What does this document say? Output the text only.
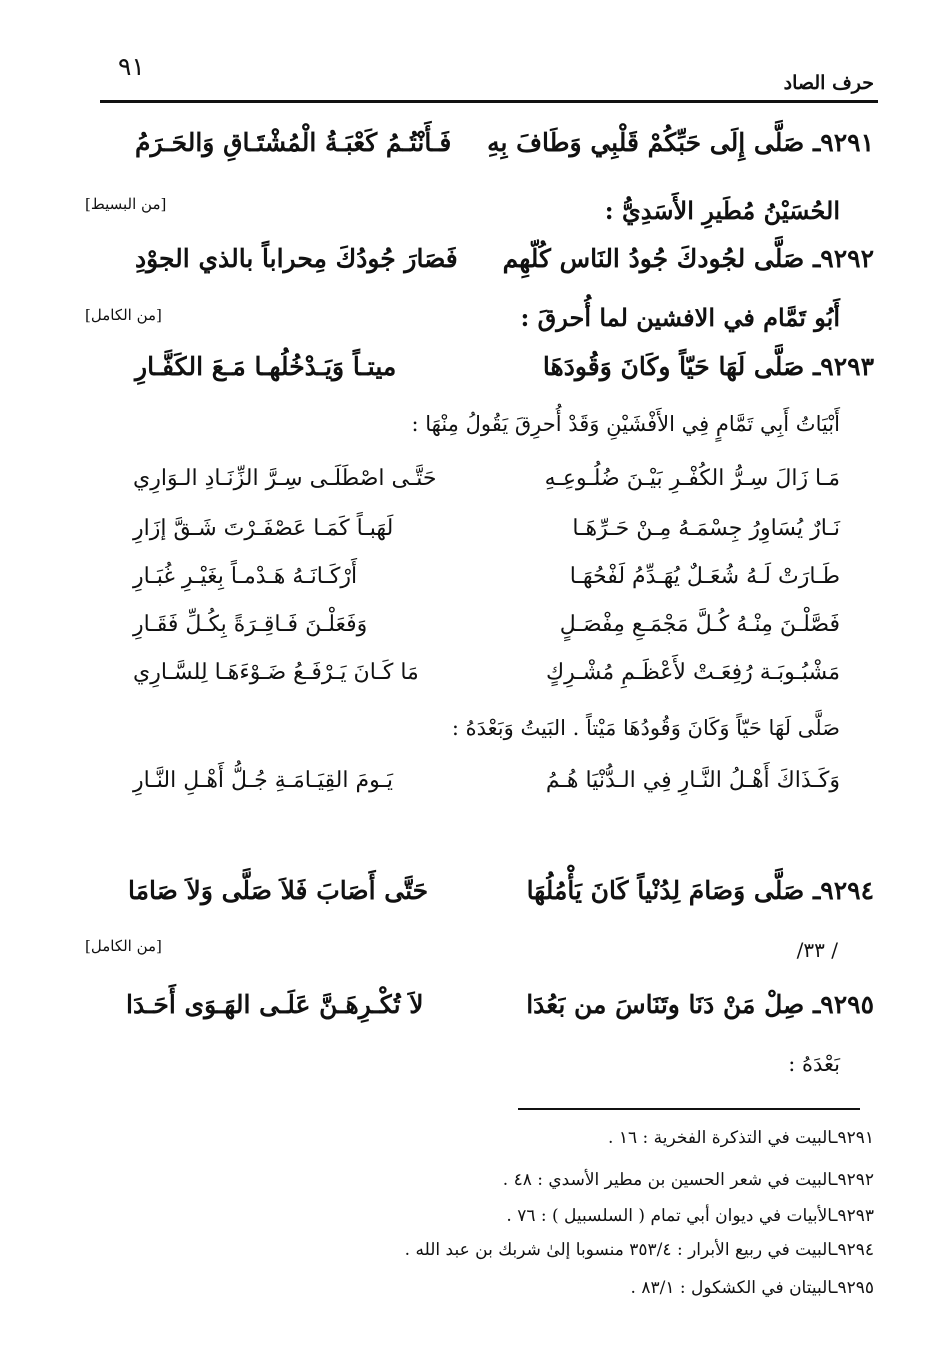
٩١
حرف الصاد
٩٢٩١ـ صَلَّى إِلَى حَبِّكُمْ قَلْبِي وَطَافَ بِهِ
فَـأَنْتُـمُ كَعْبَـةُ الْمُشْتَـاقِ وَالحَـرَمُ
[من البسيط]	الحُسَيْنُ مُطَيرِ الأَسَدِيُّ :
٩٢٩٢ـ صَلَّى لجُودكَ جُودُ النَاس كُلّهِم
فَصَارَ جُودُكَ مِحراباً بالذي الجوْدِ
[من الكامل]	أَبُو تَمَّام في الافشين لما أُحرقَ :
٩٢٩٣ـ صَلَّى لَهَا حَيّاً وكَانَ وَقُودَهَا
ميتـاً وَيَـدْخُلُهـا مَـعَ الكَفَّـارِ
أَبْيَاتُ أَبِي تَمَّامٍ فِي الأَفْشَيْنِ وَقَدْ أُحرِقَ يَقُولُ مِنْهَا :
مَـا زَالَ سِـرُّ الكُفْـرِ بَيْـنَ ضُلُـوعِـهِ
حَتَّـى اصْطَلَـى سِـرَّ الزِّنَـادِ الـوَارِي
نَـارٌ يُسَاوِرُ جِسْمَـهُ مِـنْ حَـرِّهَـا
لَهَبـاً كَمَـا عَصْفَـرْتَ شَـقَّ إزَارِ
طَـارَتْ لَـهُ شُعَـلٌ يُهَـدِّمُ لَفْحُهَـا
أَرْكَـانَـهُ هَـدْمـاً بِغَيْـرِ غُبَـارِ
فَصَّلْـنَ مِنْـهُ كُـلَّ مَجْمَـعِ مِفْصَـلٍ
وَفَعَلْـنَ فَـاقِـرَةً بِكُـلِّ فَقَـارِ
مَشْبُـوبَـة رُفِعَـتْ لأَعْظَـمِ مُشْـرِكٍ
مَا كَـانَ يَـرْفَـعُ ضَـوْءَهَـا لِلسَّـارِي
صَلَّى لَهَا حَيّاً وَكَانَ وَقُودُهَا مَيْتاً . البَيتُ وَبَعْدَهُ :
وَكَـذَاكَ أَهْـلُ النَّـارِ فِي الـدُّنْيَا هُـمُ
يَـومَ القِيَـامَـةِ جُـلُّ أَهْـلِ النَّـارِ
٩٢٩٤ـ صَلَّى وَصَامَ لِدُنْياً كَانَ يَأْمُلُهَا
حَتَّى أَصَابَ فَلاَ صَلَّى وَلاَ صَامَا
[من الكامل]	/ ٣٣/
٩٢٩٥ـ صِلْ مَنْ دَنَا وتَنَاسَ من بَعُدَا
لاَ تُكْـرِهَـنَّ عَلَـى الهَـوَى أَحَـدَا
بَعْدَهُ :
٩٢٩١ـالبيت في التذكرة الفخرية : ١٦ .
٩٢٩٢ـالبيت في شعر الحسين بن مطير الأسدي : ٤٨ .
٩٢٩٣ـالأبيات في ديوان أبي تمام ( السلسبيل ) : ٧٦ .
٩٢٩٤ـالبيت في ربيع الأبرار : ٣٥٣/٤ منسوبا إلىٰ شربك بن عبد الله .
٩٢٩٥ـالبيتان في الكشكول : ٨٣/١ .
